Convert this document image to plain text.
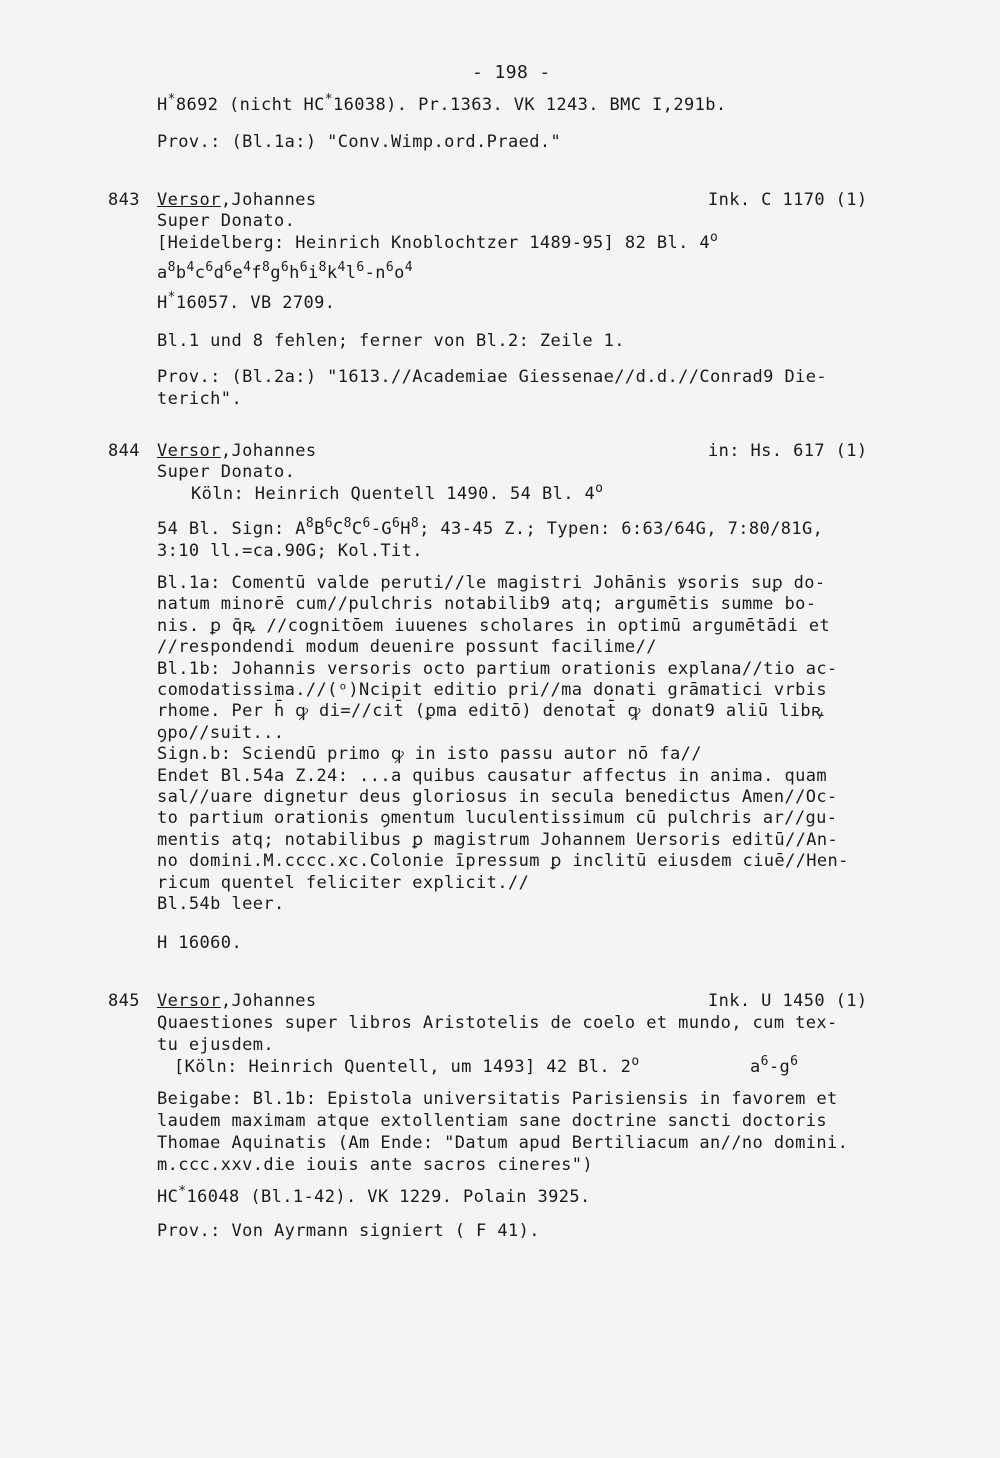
- 198 -
H*8692 (nicht HC*16038). Pr.1363. VK 1243. BMC I,291b.
Prov.: (Bl.1a:) "Conv.Wimp.ord.Praed."
843 Versor,Johannes	Ink. C 1170 (1)
Super Donato.
[Heidelberg: Heinrich Knoblochtzer 1489-95] 82 Bl. 4$^o$
$a^8b^4c^6d^6e^4f^8g^6h^6i^8k^4l^6-n^6o^4$
H*16057. VB 2709.
Bl.1 und 8 fehlen; ferner von Bl.2: Zeile 1.
Prov.: (Bl.2a:) "1613.//Academiae Giessenae//d.d.//Conrad9 Die-
terich".
844 Versor,Johannes	in: Hs. 617 (1)
Super Donato.
Köln: Heinrich Quentell 1490. 54 Bl. 4$^o$
54 Bl. Sign: $A^8B^6C^8C^6-G^6H^8$; 43-45 Z.; Typen: 6:63/64G, 7:80/81G,
3:10 ll.=ca.90G; Kol.Tit.
Bl.1a: Comentū valde peruti//le magistri Johānis ꝟsoris suꝑ do-
natum minorē cum//pulchris notabilib9 atq; argumētis summe bo-
nis. ꝑ q̄ꝶ //cognitōem iuuenes scholares in optimū argumētādi et
//respondendi modum deuenire possunt facilime//
Bl.1b: Johannis versoris octo partium orationis explana//tio ac-
comodatissima.//(ᵒ)Ncipit editio pri//ma donati grāmatici vrbis
rhome. Per h̄ ꝙ di=//cit̄ (ꝑma editō) denotat̄ ꝙ donat9 aliū libꝶ
ꝯpo//suit...
Sign.b: Sciendū primo ꝙ in isto passu autor nō fa//
Endet Bl.54a Z.24: ...a quibus causatur affectus in anima. quam
sal//uare dignetur deus gloriosus in secula benedictus Amen//Oc-
to partium orationis ꝯmentum luculentissimum cū pulchris ar//gu-
mentis atq; notabilibus ꝑ magistrum Johannem Uersoris editū//An-
no domini.M.cccc.xc.Colonie īpressum ꝑ inclitū eiusdem ciuē//Hen-
ricum quentel feliciter explicit.//
Bl.54b leer.
H 16060.
845 Versor,Johannes	Ink. U 1450 (1)
Quaestiones super libros Aristotelis de coelo et mundo, cum tex-
tu ejusdem.
[Köln: Heinrich Quentell, um 1493] 42 Bl. 2$^o$	$a^6-g^6$
Beigabe: Bl.1b: Epistola universitatis Parisiensis in favorem et
laudem maximam atque extollentiam sane doctrine sancti doctoris
Thomae Aquinatis (Am Ende: "Datum apud Bertiliacum an//no domini.
m.ccc.xxv.die iouis ante sacros cineres")
HC*16048 (Bl.1-42). VK 1229. Polain 3925.
Prov.: Von Ayrmann signiert ( F 41).
